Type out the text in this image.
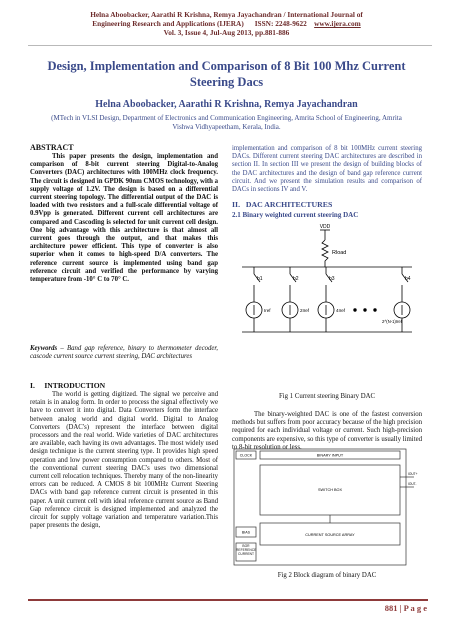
Helna Aboobacker, Aarathi R Krishna, Remya Jayachandran / International Journal of
Engineering Research and Applications (IJERA) ISSN: 2248-9622 www.ijera.com
Vol. 3, Issue 4, Jul-Aug 2013, pp.881-886
Design, Implementation and Comparison of 8 Bit 100 Mhz Current Steering Dacs
Helna Aboobacker, Aarathi R Krishna, Remya Jayachandran
(MTech in VLSI Design, Department of Electronics and Communication Engineering, Amrita School of Engineering, Amrita Vishwa Vidhyapeetham, Kerala, India.
ABSTRACT
This paper presents the design, implementation and comparison of 8-bit current steering Digital-to-Analog Converters (DAC) architectures with 100MHz clock frequency. The circuit is designed in GPDK 90nm CMOS technology, with a supply voltage of 1.2V. The design is based on a differential current steering topology. The differential output of the DAC is loaded with two resistors and a full-scale differential voltage of 0.9Vpp is generated. Different current cell architectures are compared and Cascoding is selected for unit current cell design. One big advantage with this architecture is that almost all current goes through the output, and that makes this architecture power efficient. This type of converter is also superior when it comes to high-speed D/A converters. The reference current source is implemented using band gap reference circuit and verified the performance by varying temperature from -10° C to 70° C.
Keywords – Band gap reference, binary to thermometer decoder, cascode current source current steering, DAC architectures
I.     INTRODUCTION
The world is getting digitized. The signal we perceive and retain is in analog form. In order to process the signal effectively we have to convert it into digital. Data Converters form the interface between analog world and digital world. Digital to Analog Converters (DAC's) represent the interface between digital processors and the real world. Wide varieties of DAC architectures are available, each having its own advantages. The most widely used design technique is the current steering type. It provides high speed operation and low power consumption compared to others. Most of the conventional current steering DAC's uses two dimensional current cell relocation techniques. Thereby many of the non-linearity errors can be reduced. A CMOS 8 bit 100MHz Current Steering DACs with band gap reference current circuit is presented in this paper. A unit current cell with ideal reference current source as Band Gap reference circuit is designed implemented and analyzed the circuit for supply voltage variation and temperature variation.This paper presents the design,
implementation and comparison of 8 bit 100MHz current steering DACs. Different current steering DAC architectures are described in section II. In section III we present the design of building blocks of the DAC architectures and the design of band gap reference current circuit. And we present the simulation results and comparison of DACs in sections IV and V.
II.   DAC ARCHITECTURES
2.1 Binary weighted current steering DAC
VDD
Rload
b1	b2	b3	b4
Iref	2Iref	4Iref
2^(N-1)Iref
Fig 1 Current steering Binary DAC
The binary-weighted DAC is one of the fastest conversion methods but suffers from poor accuracy because of the high precision required for each individual voltage or current. Such high-precision components are expensive, so this type of converter is usually limited to 8-bit resolution or less.
CLOCK	BINARY INPUT
SWITCH BOX
CURRENT SOURCE ARRAY
BIAS
BGR REFERENCE CURRENT
IOUT+
IOUT-
Fig 2 Block diagram of binary DAC
881 | P a g e
